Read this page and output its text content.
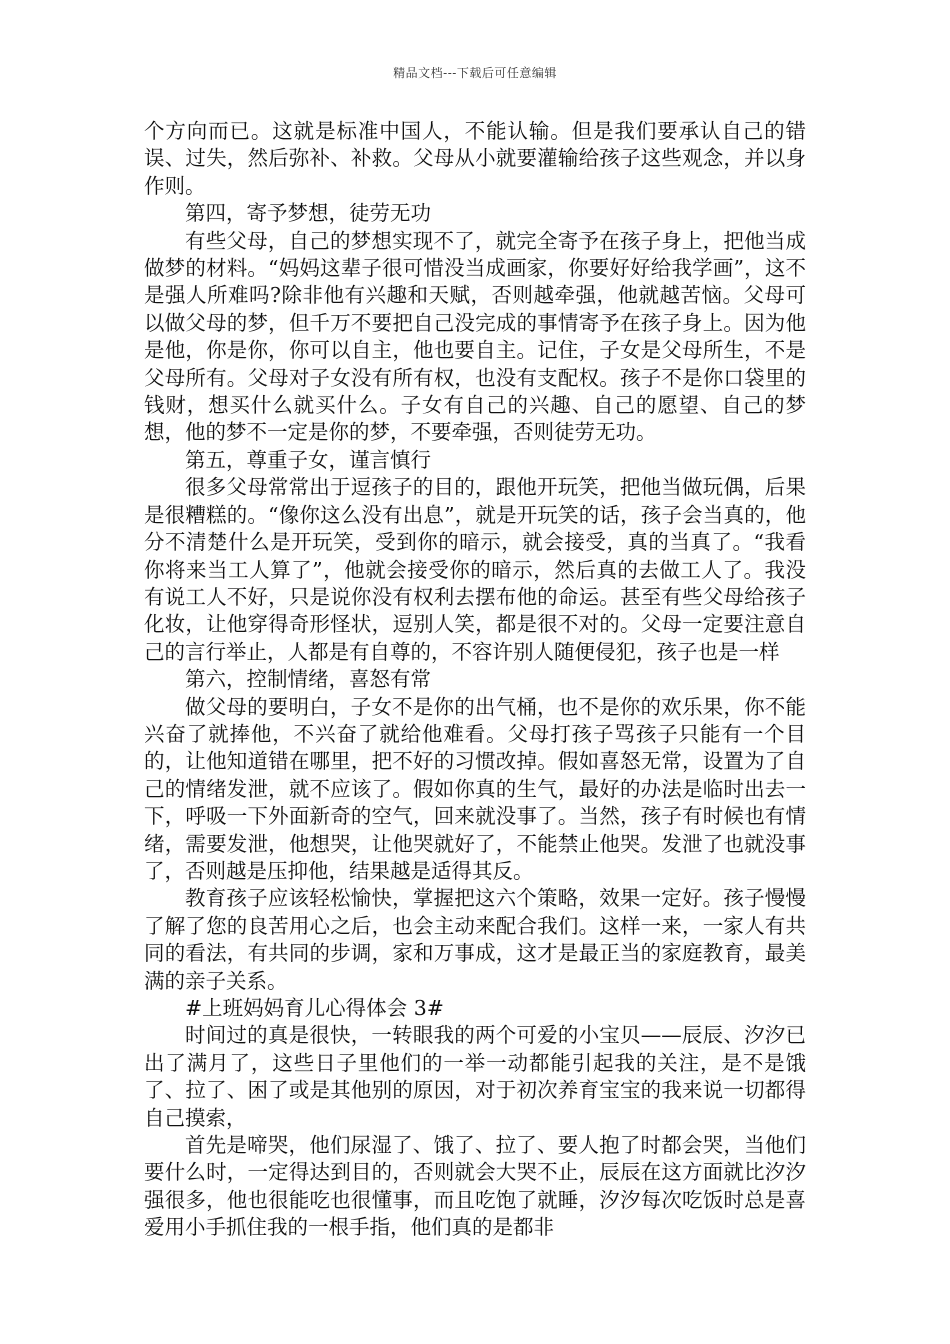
精品文档---下载后可任意编辑

个方向而已。这就是标准中国人，不能认输。但是我们要承认自己的错误、过失，然后弥补、补救。父母从小就要灌输给孩子这些观念，并以身作则。

第四，寄予梦想，徒劳无功

有些父母，自己的梦想实现不了，就完全寄予在孩子身上，把他当成做梦的材料。“妈妈这辈子很可惜没当成画家，你要好好给我学画”，这不是强人所难吗?除非他有兴趣和天赋，否则越牵强，他就越苦恼。父母可以做父母的梦，但千万不要把自己没完成的事情寄予在孩子身上。因为他是他，你是你，你可以自主，他也要自主。记住，子女是父母所生，不是父母所有。父母对子女没有所有权，也没有支配权。孩子不是你口袋里的钱财，想买什么就买什么。子女有自己的兴趣、自己的愿望、自己的梦想，他的梦不一定是你的梦，不要牵强，否则徒劳无功。

第五，尊重子女，谨言慎行

很多父母常常出于逗孩子的目的，跟他开玩笑，把他当做玩偶，后果是很糟糕的。“像你这么没有出息”，就是开玩笑的话，孩子会当真的，他分不清楚什么是开玩笑，受到你的暗示，就会接受，真的当真了。“我看你将来当工人算了”，他就会接受你的暗示，然后真的去做工人了。我没有说工人不好，只是说你没有权利去摆布他的命运。甚至有些父母给孩子化妆，让他穿得奇形怪状，逗别人笑，都是很不对的。父母一定要注意自己的言行举止，人都是有自尊的，不容许别人随便侵犯，孩子也是一样

第六，控制情绪，喜怒有常

做父母的要明白，子女不是你的出气桶，也不是你的欢乐果，你不能兴奋了就捧他，不兴奋了就给他难看。父母打孩子骂孩子只能有一个目的，让他知道错在哪里，把不好的习惯改掉。假如喜怒无常，设置为了自己的情绪发泄，就不应该了。假如你真的生气，最好的办法是临时出去一下，呼吸一下外面新奇的空气，回来就没事了。当然，孩子有时候也有情绪，需要发泄，他想哭，让他哭就好了，不能禁止他哭。发泄了也就没事了，否则越是压抑他，结果越是适得其反。

教育孩子应该轻松愉快，掌握把这六个策略，效果一定好。孩子慢慢了解了您的良苦用心之后，也会主动来配合我们。这样一来，一家人有共同的看法，有共同的步调，家和万事成，这才是最正当的家庭教育，最美满的亲子关系。

#上班妈妈育儿心得体会 3#

时间过的真是很快，一转眼我的两个可爱的小宝贝——辰辰、汐汐已出了满月了，这些日子里他们的一举一动都能引起我的关注，是不是饿了、拉了、困了或是其他别的原因，对于初次养育宝宝的我来说一切都得自己摸索，

首先是啼哭，他们尿湿了、饿了、拉了、要人抱了时都会哭，当他们要什么时，一定得达到目的，否则就会大哭不止，辰辰在这方面就比汐汐强很多，他也很能吃也很懂事，而且吃饱了就睡，汐汐每次吃饭时总是喜爱用小手抓住我的一根手指，他们真的是都非
